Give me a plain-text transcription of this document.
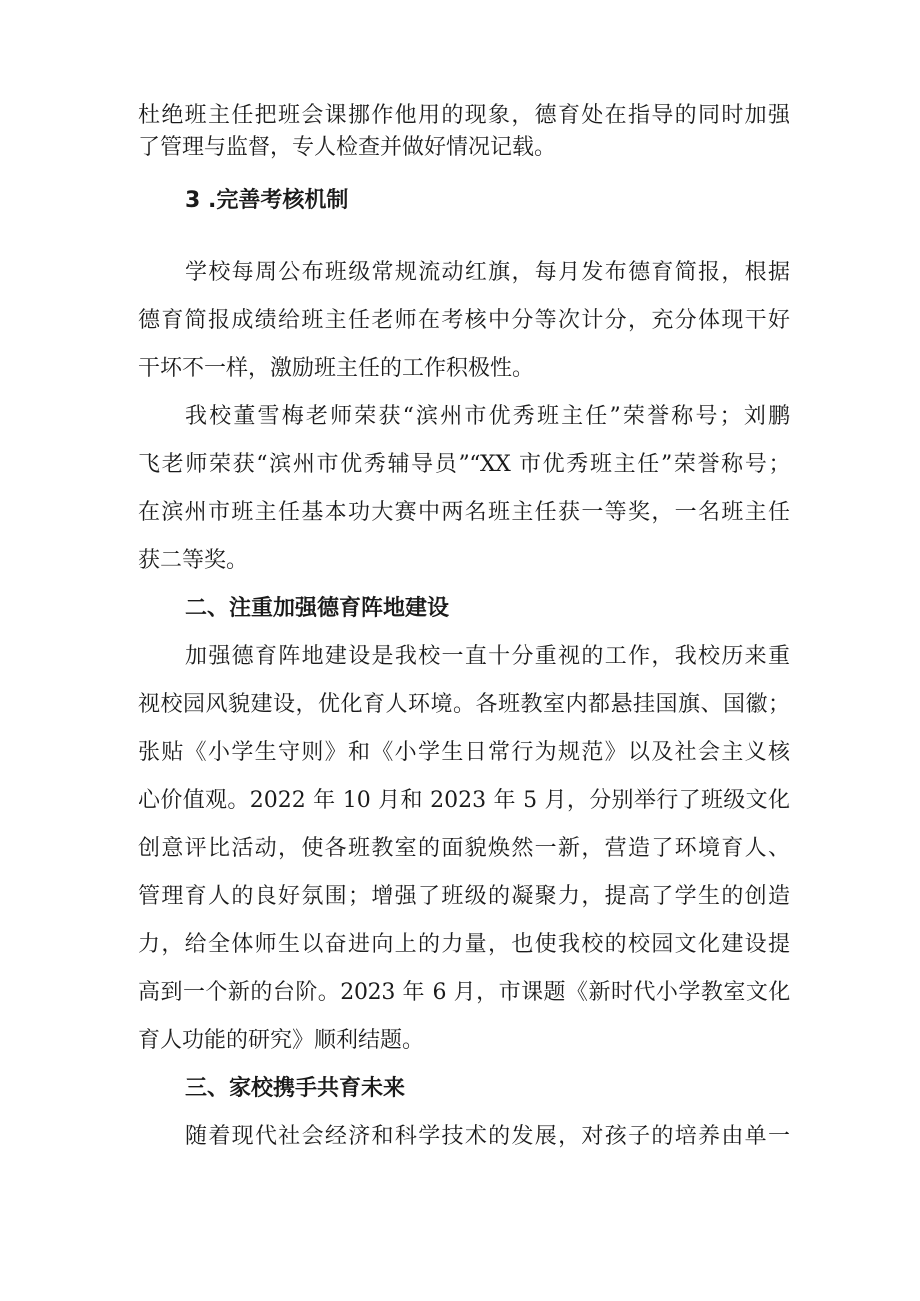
杜绝班主任把班会课挪作他用的现象，德育处在指导的同时加强
了管理与监督，专人检查并做好情况记载。
3 .完善考核机制
学校每周公布班级常规流动红旗，每月发布德育简报，根据
德育简报成绩给班主任老师在考核中分等次计分，充分体现干好
干坏不一样，激励班主任的工作积极性。
我校董雪梅老师荣获“滨州市优秀班主任”荣誉称号；刘鹏
飞老师荣获“滨州市优秀辅导员”“XX 市优秀班主任”荣誉称号；
在滨州市班主任基本功大赛中两名班主任获一等奖，一名班主任
获二等奖。
二、注重加强德育阵地建设
加强德育阵地建设是我校一直十分重视的工作，我校历来重
视校园风貌建设，优化育人环境。各班教室内都悬挂国旗、国徽；
张贴《小学生守则》和《小学生日常行为规范》以及社会主义核
心价值观。2022 年 10 月和 2023 年 5 月，分别举行了班级文化
创意评比活动，使各班教室的面貌焕然一新，营造了环境育人、
管理育人的良好氛围；增强了班级的凝聚力，提高了学生的创造
力，给全体师生以奋进向上的力量，也使我校的校园文化建设提
高到一个新的台阶。2023 年 6 月，市课题《新时代小学教室文化
育人功能的研究》顺利结题。
三、家校携手共育未来
随着现代社会经济和科学技术的发展，对孩子的培养由单一
